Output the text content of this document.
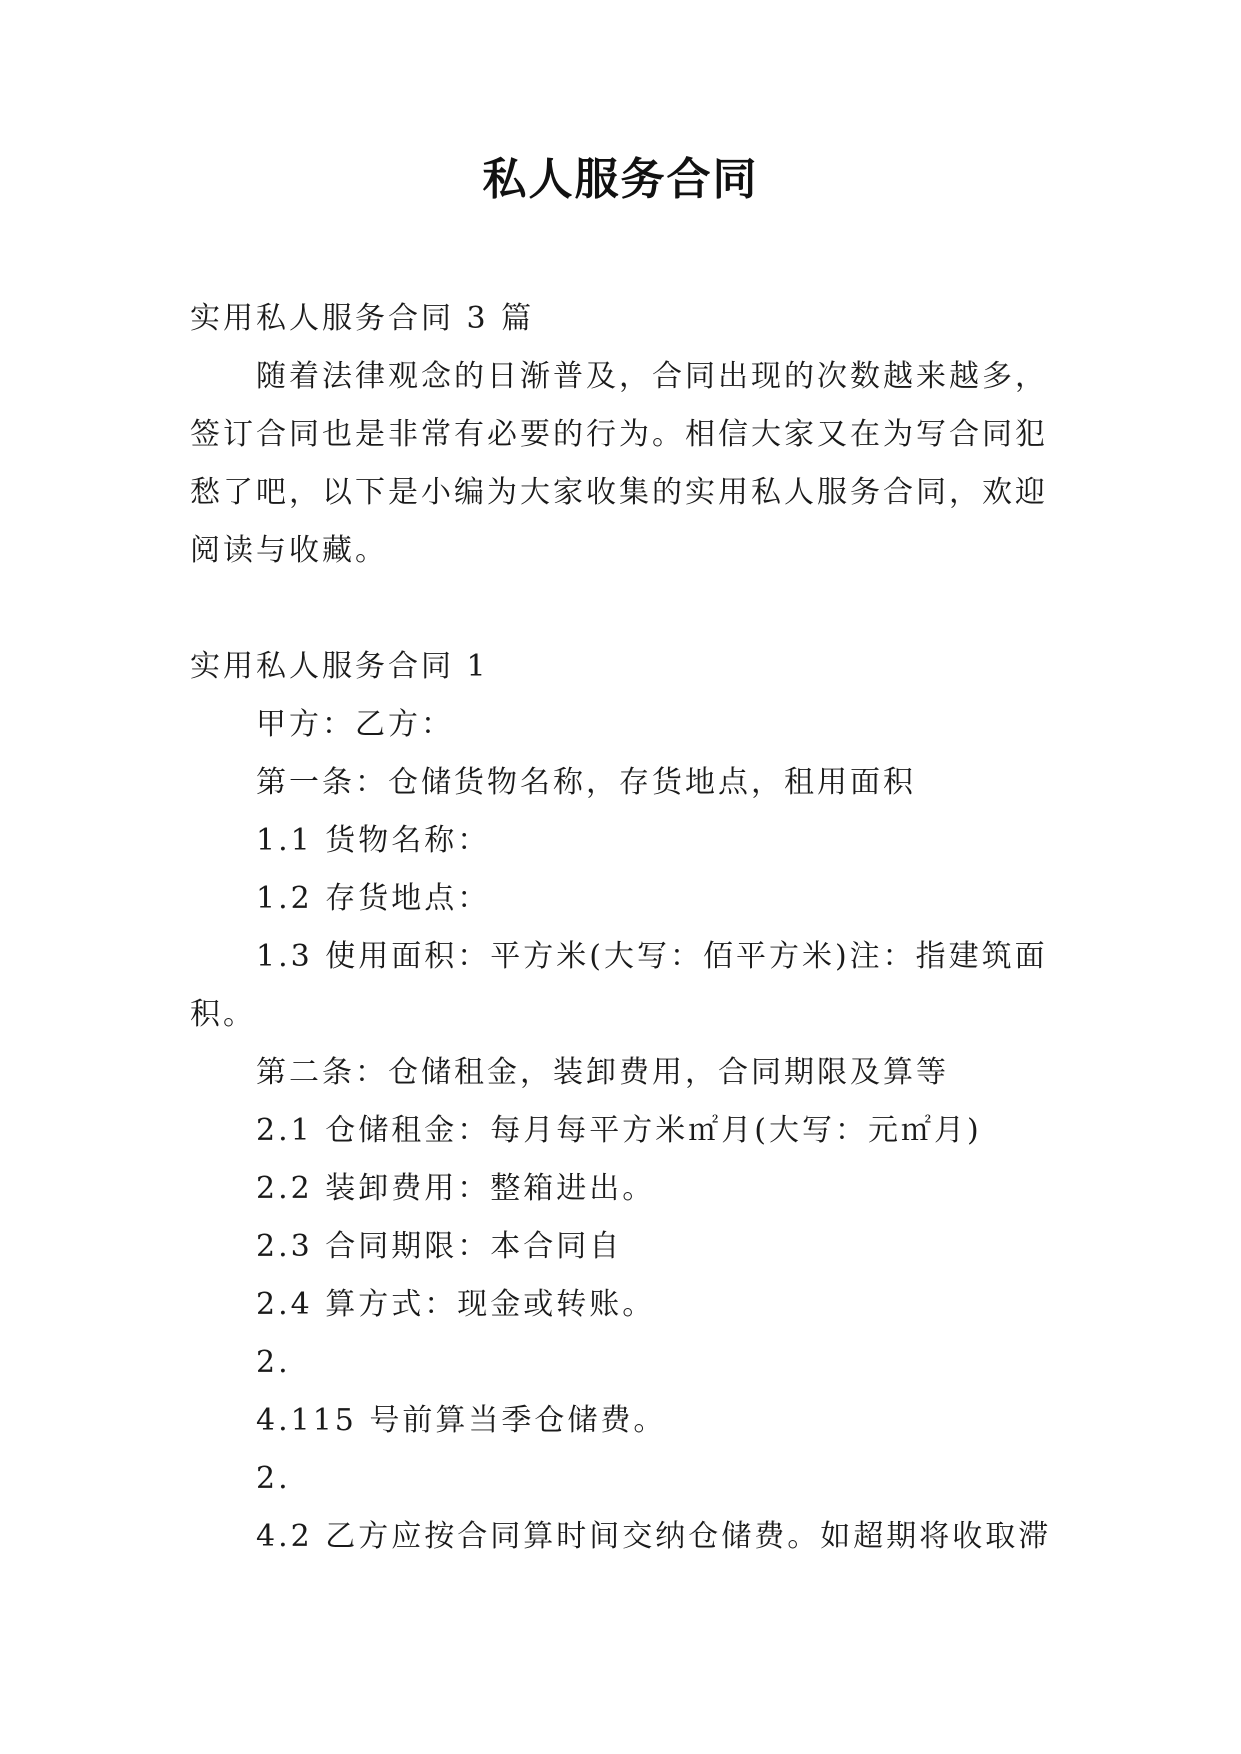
私人服务合同

实用私人服务合同 3 篇

随着法律观念的日渐普及，合同出现的次数越来越多，签订合同也是非常有必要的行为。相信大家又在为写合同犯愁了吧，以下是小编为大家收集的实用私人服务合同，欢迎阅读与收藏。

实用私人服务合同 1

甲方：乙方：

第一条：仓储货物名称，存货地点，租用面积

1.1 货物名称：

1.2 存货地点：

1.3 使用面积：平方米(大写：佰平方米)注：指建筑面积。

第二条：仓储租金，装卸费用，合同期限及算等

2.1 仓储租金：每月每平方米㎡月(大写：元㎡月)

2.2 装卸费用：整箱进出。

2.3 合同期限：本合同自

2.4 算方式：现金或转账。

2.

4.115 号前算当季仓储费。

2.

4.2 乙方应按合同算时间交纳仓储费。如超期将收取滞
